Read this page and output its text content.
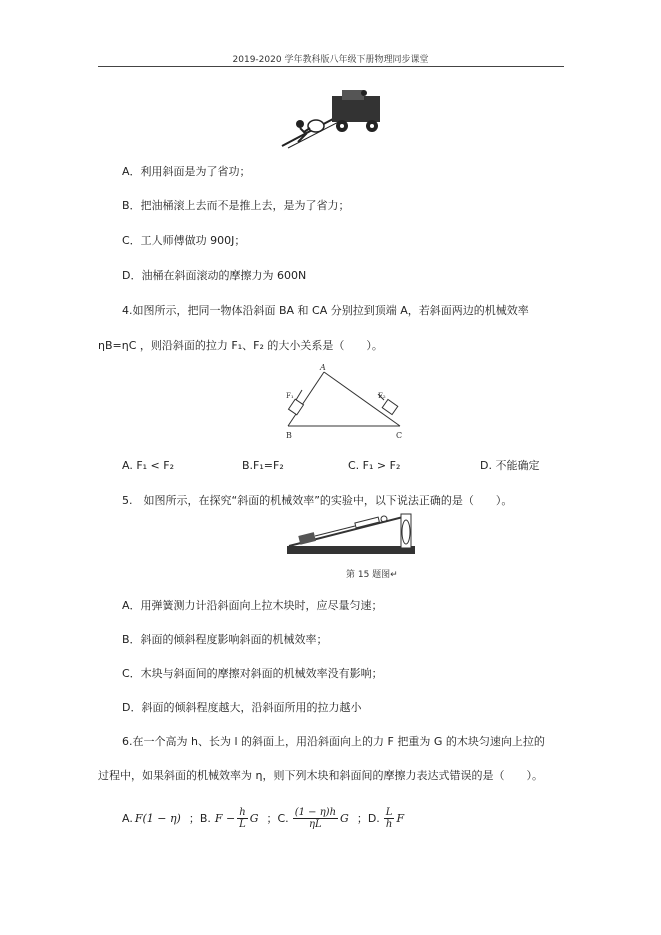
2019-2020 学年教科版八年级下册物理同步课堂
A．利用斜面是为了省功；
B．把油桶滚上去而不是推上去，是为了省力；
C．工人师傅做功 900J；
D．油桶在斜面滚动的摩擦力为 600N
4.如图所示，把同一物体沿斜面 BA 和 CA 分别拉到顶端 A，若斜面两边的机械效率
ηB=ηC ，则沿斜面的拉力 F₁、F₂ 的大小关系是（　　）。
A
B	C
F₁	F₂
A. F₁ < F₂	B.F₁=F₂	C. F₁ > F₂	D. 不能确定
5.　如图所示，在探究“斜面的机械效率”的实验中，以下说法正确的是（　　）。
第 15 题图↵
A．用弹簧测力计沿斜面向上拉木块时，应尽量匀速；
B．斜面的倾斜程度影响斜面的机械效率；
C．木块与斜面间的摩擦对斜面的机械效率没有影响；
D．斜面的倾斜程度越大，沿斜面所用的拉力越小
6.在一个高为 h、长为 l 的斜面上，用沿斜面向上的力 F 把重为 G 的木块匀速向上拉的
过程中，如果斜面的机械效率为 η，则下列木块和斜面间的摩擦力表达式错误的是（　　）。
A. F(1 − η) ；B. $F - \frac{h}{L}$ G ；C. $\frac{(1 - \eta)h}{\eta L}$ G ；D. $\frac{L}{h}$ F
